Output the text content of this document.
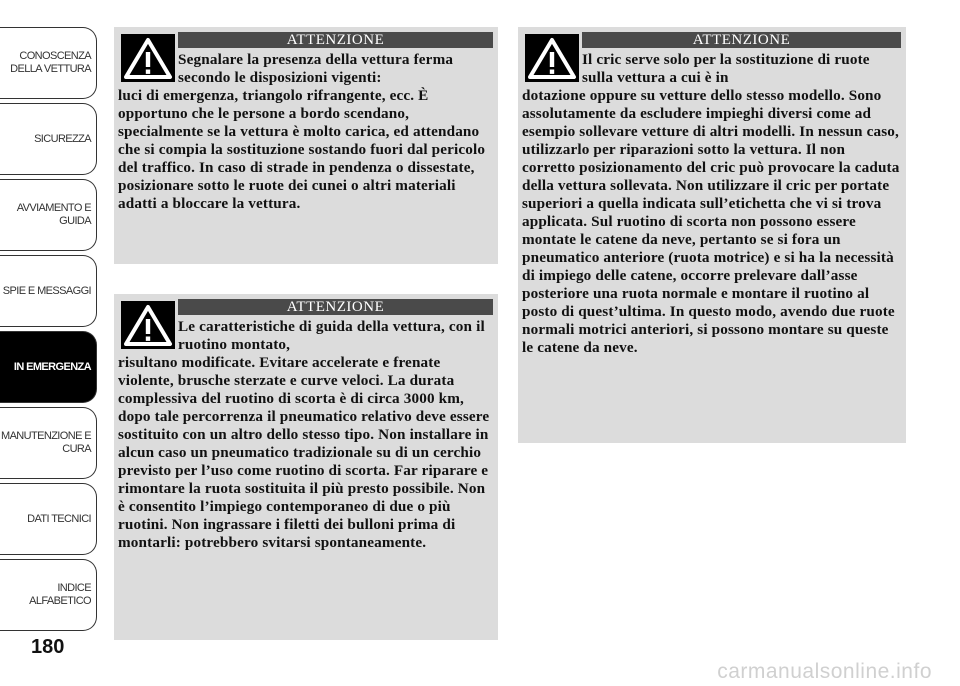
CONOSCENZA
DELLA VETTURA
SICUREZZA
AVVIAMENTO E
GUIDA
SPIE E MESSAGGI
IN EMERGENZA
MANUTENZIONE E
CURA
DATI TECNICI
INDICE
ALFABETICO
180
ATTENZIONE
Segnalare la presenza della vettura ferma secondo le disposizioni vigenti:
luci di emergenza, triangolo rifrangente, ecc. È opportuno che le persone a bordo scendano, specialmente se la vettura è molto carica, ed attendano che si compia la sostituzione sostando fuori dal pericolo del traffico. In caso di strade in pendenza o dissestate, posizionare sotto le ruote dei cunei o altri materiali adatti a bloccare la vettura.
ATTENZIONE
Le caratteristiche di guida della vettura, con il ruotino montato,
risultano modificate. Evitare accelerate e frenate violente, brusche sterzate e curve veloci. La durata complessiva del ruotino di scorta è di circa 3000 km, dopo tale percorrenza il pneumatico relativo deve essere sostituito con un altro dello stesso tipo. Non installare in alcun caso un pneumatico tradizionale su di un cerchio previsto per l’uso come ruotino di scorta. Far riparare e rimontare la ruota sostituita il più presto possibile. Non è consentito l’impiego contemporaneo di due o più ruotini. Non ingrassare i filetti dei bulloni prima di montarli: potrebbero svitarsi spontaneamente.
ATTENZIONE
Il cric serve solo per la sostituzione di ruote sulla vettura a cui è in
dotazione oppure su vetture dello stesso modello. Sono assolutamente da escludere impieghi diversi come ad esempio sollevare vetture di altri modelli. In nessun caso, utilizzarlo per riparazioni sotto la vettura. Il non corretto posizionamento del cric può provocare la caduta della vettura sollevata. Non utilizzare il cric per portate superiori a quella indicata sull’etichetta che vi si trova applicata. Sul ruotino di scorta non possono essere montate le catene da neve, pertanto se si fora un pneumatico anteriore (ruota motrice) e si ha la necessità di impiego delle catene, occorre prelevare dall’asse posteriore una ruota normale e montare il ruotino al posto di quest’ultima. In questo modo, avendo due ruote normali motrici anteriori, si possono montare su queste le catene da neve.
carmanualsonline.info
